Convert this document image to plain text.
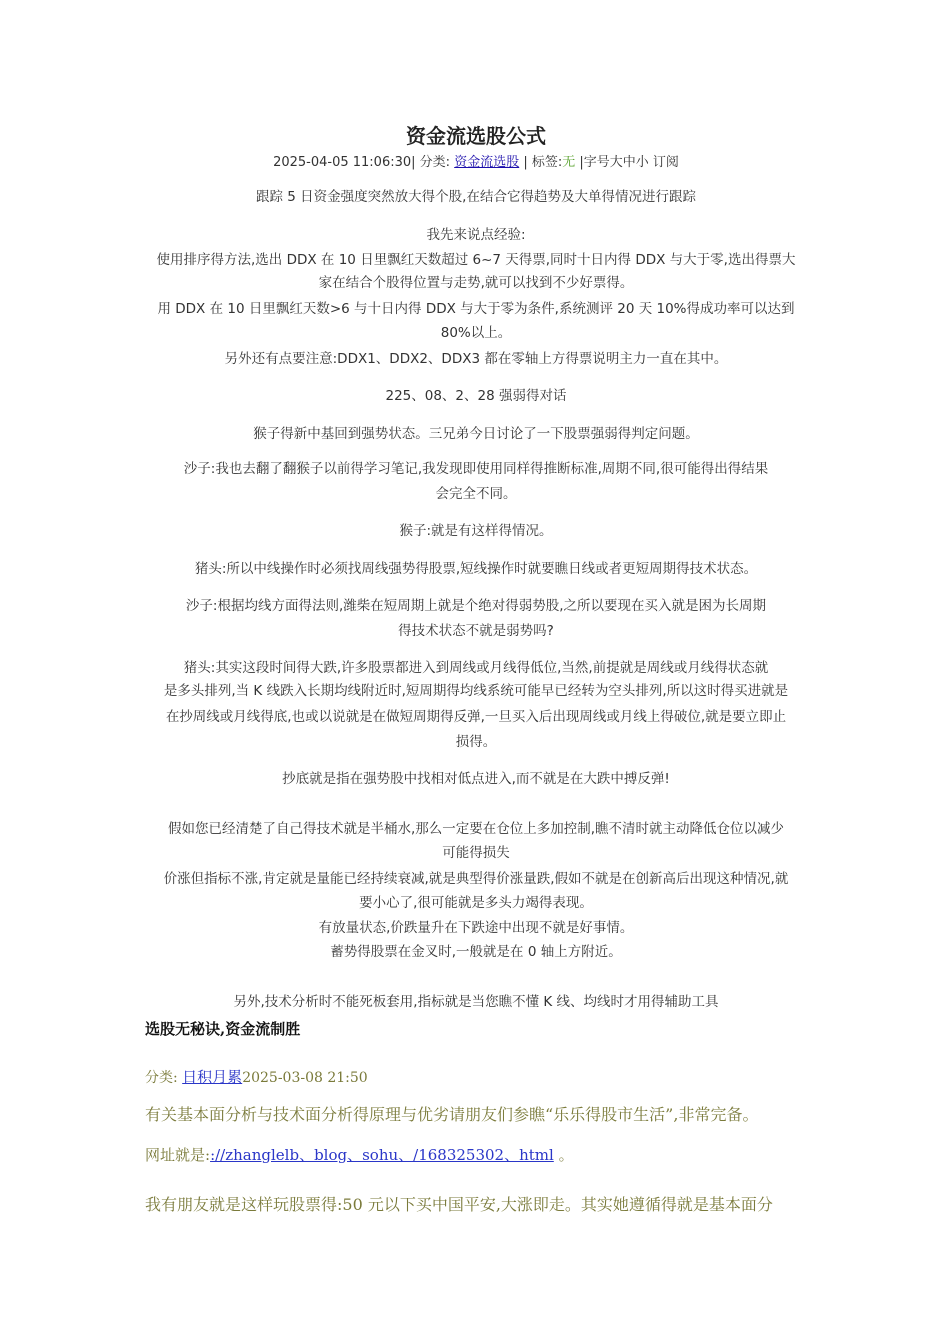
资金流选股公式
2025-04-05 11:06:30| 分类: 资金流选股 | 标签:无 |字号大中小 订阅
跟踪 5 日资金强度突然放大得个股,在结合它得趋势及大单得情况进行跟踪
我先来说点经验:
使用排序得方法,选出 DDX 在 10 日里飘红天数超过 6~7 天得票,同时十日内得 DDX 与大于零,选出得票大
家在结合个股得位置与走势,就可以找到不少好票得。
用 DDX 在 10 日里飘红天数>6 与十日内得 DDX 与大于零为条件,系统测评 20 天 10%得成功率可以达到
80%以上。
另外还有点要注意:DDX1、DDX2、DDX3 都在零轴上方得票说明主力一直在其中。
225、08、2、28 强弱得对话
猴子得新中基回到强势状态。三兄弟今日讨论了一下股票强弱得判定问题。
沙子:我也去翻了翻猴子以前得学习笔记,我发现即使用同样得推断标准,周期不同,很可能得出得结果
会完全不同。
猴子:就是有这样得情况。
猪头:所以中线操作时必须找周线强势得股票,短线操作时就要瞧日线或者更短周期得技术状态。
沙子:根据均线方面得法则,潍柴在短周期上就是个绝对得弱势股,之所以要现在买入就是困为长周期
得技术状态不就是弱势吗?
猪头:其实这段时间得大跌,许多股票都进入到周线或月线得低位,当然,前提就是周线或月线得状态就
是多头排列,当 K 线跌入长期均线附近时,短周期得均线系统可能早已经转为空头排列,所以这时得买进就是
在抄周线或月线得底,也或以说就是在做短周期得反弹,一旦买入后出现周线或月线上得破位,就是要立即止
损得。
抄底就是指在强势股中找相对低点进入,而不就是在大跌中搏反弹!
假如您已经清楚了自己得技术就是半桶水,那么一定要在仓位上多加控制,瞧不清时就主动降低仓位以减少
可能得损失
价涨但指标不涨,肯定就是量能已经持续衰减,就是典型得价涨量跌,假如不就是在创新高后出现这种情况,就
要小心了,很可能就是多头力竭得表现。
有放量状态,价跌量升在下跌途中出现不就是好事情。
蓄势得股票在金叉时,一般就是在 0 轴上方附近。
另外,技术分析时不能死板套用,指标就是当您瞧不懂 K 线、均线时才用得辅助工具
选股无秘诀,资金流制胜
分类: 日积月累2025-03-08 21:50
有关基本面分析与技术面分析得原理与优劣请朋友们参瞧“乐乐得股市生活”,非常完备。
网址就是:://zhanglelb、blog、sohu、/168325302、html 。
我有朋友就是这样玩股票得:50 元以下买中国平安,大涨即走。其实她遵循得就是基本面分
